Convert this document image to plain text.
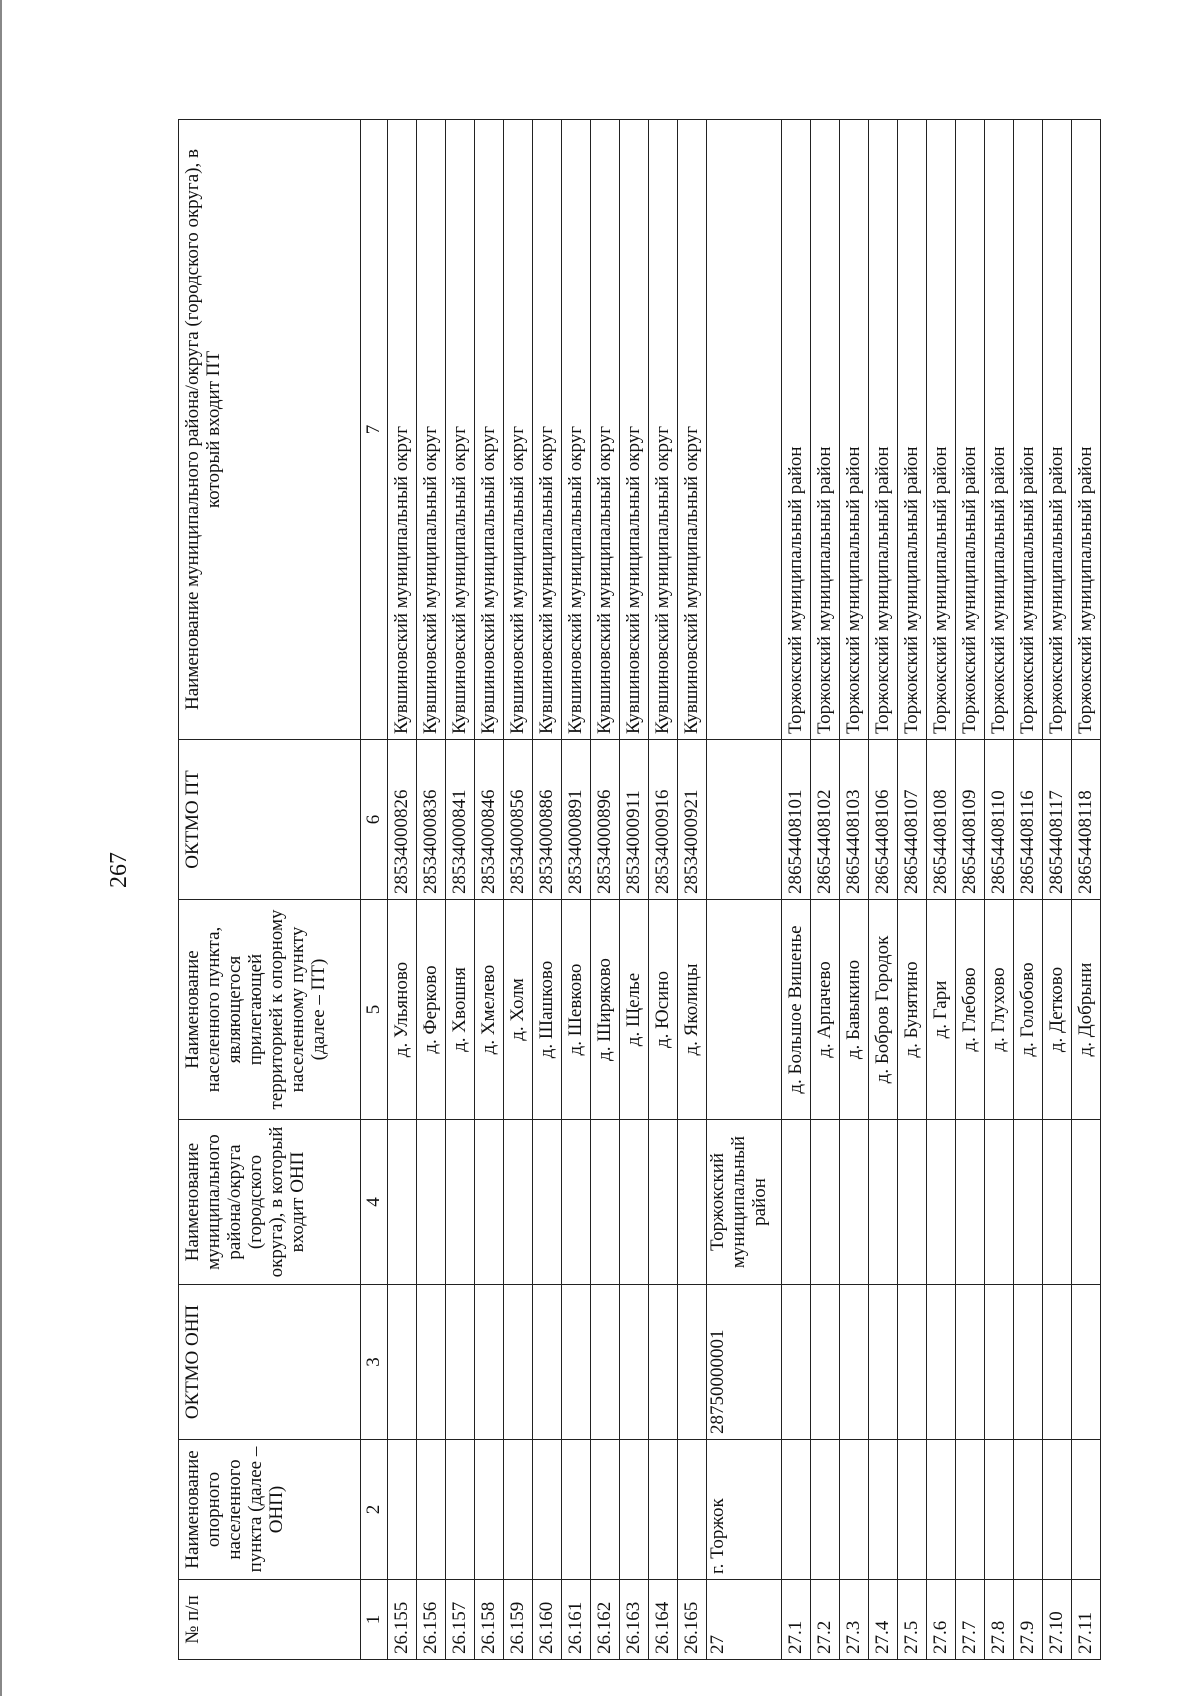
267
№ п/п	Наименование опорного населенного пункта (далее – ОНП)	ОКТМО ОНП	Наименование муниципального района/округа (городского округа), в который входит ОНП	Наименование населенного пункта, являющегося прилегающей территорией к опорному населенному пункту (далее – ПТ)	ОКТМО ПТ	Наименование муниципального района/округа (городского округа), в который входит ПТ
1	2	3	4	5	6	7
26.155				д. Ульяново	28534000826	Кувшиновский муниципальный округ
26.156				д. Ферково	28534000836	Кувшиновский муниципальный округ
26.157				д. Хвошня	28534000841	Кувшиновский муниципальный округ
26.158				д. Хмелево	28534000846	Кувшиновский муниципальный округ
26.159				д. Холм	28534000856	Кувшиновский муниципальный округ
26.160				д. Шашково	28534000886	Кувшиновский муниципальный округ
26.161				д. Шевково	28534000891	Кувшиновский муниципальный округ
26.162				д. Ширяково	28534000896	Кувшиновский муниципальный округ
26.163				д. Щелье	28534000911	Кувшиновский муниципальный округ
26.164				д. Юсино	28534000916	Кувшиновский муниципальный округ
26.165				д. Яколицы	28534000921	Кувшиновский муниципальный округ
27	г. Торжок	28750000001	Торжокский муниципальный район			
27.1				д. Большое Вишенье	28654408101	Торжокский муниципальный район
27.2				д. Арпачево	28654408102	Торжокский муниципальный район
27.3				д. Бавыкино	28654408103	Торжокский муниципальный район
27.4				д. Бобров Городок	28654408106	Торжокский муниципальный район
27.5				д. Бунятино	28654408107	Торжокский муниципальный район
27.6				д. Гари	28654408108	Торжокский муниципальный район
27.7				д. Глебово	28654408109	Торжокский муниципальный район
27.8				д. Глухово	28654408110	Торжокский муниципальный район
27.9				д. Голобово	28654408116	Торжокский муниципальный район
27.10				д. Детково	28654408117	Торжокский муниципальный район
27.11				д. Добрыни	28654408118	Торжокский муниципальный район
